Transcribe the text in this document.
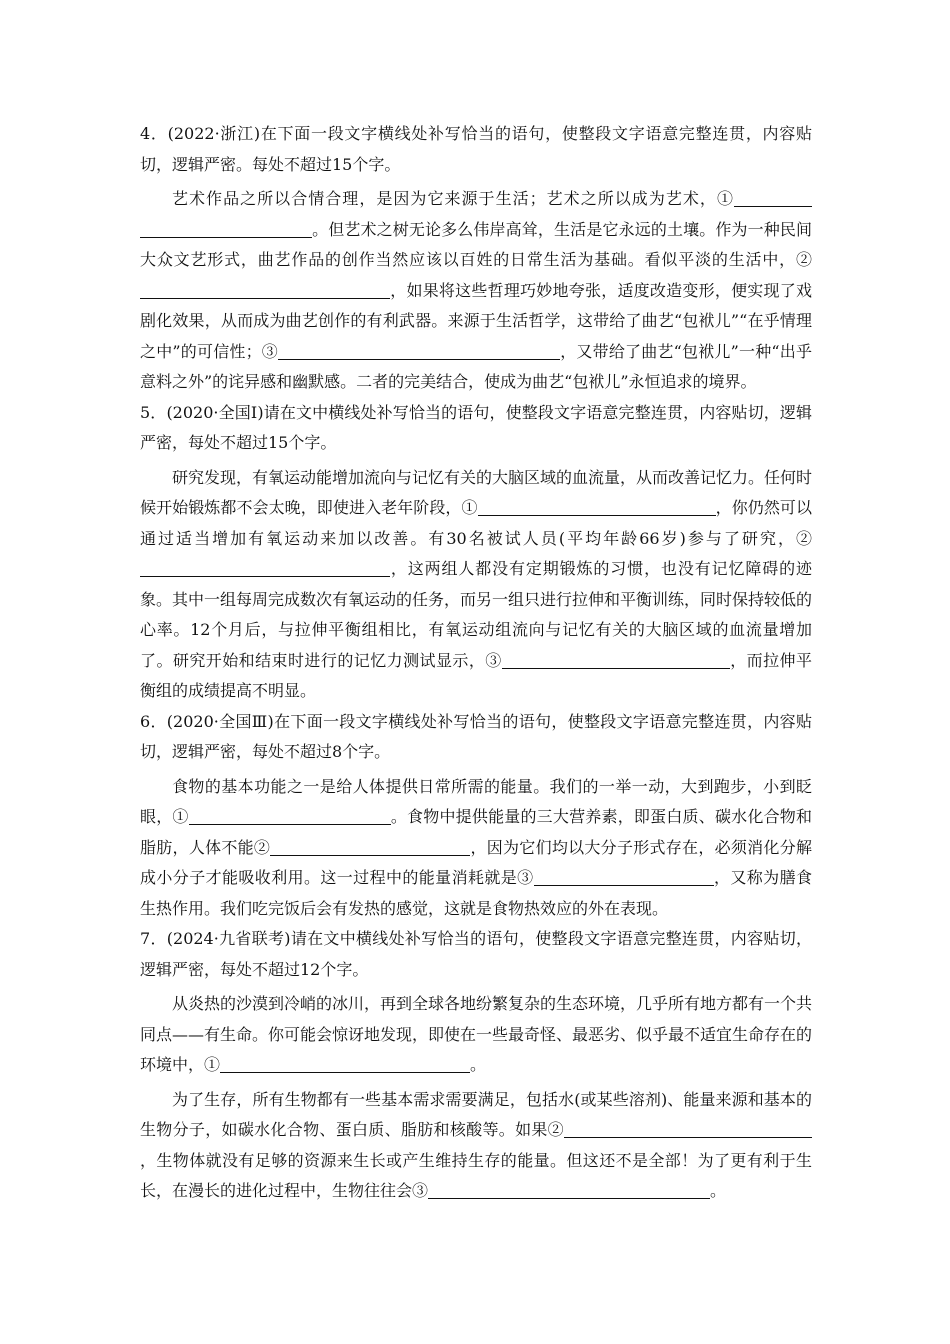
4．(2022·浙江)在下面一段文字横线处补写恰当的语句，使整段文字语意完整连贯，内容贴切，逻辑严密。每处不超过15个字。

艺术作品之所以合情合理，是因为它来源于生活；艺术之所以成为艺术，①。但艺术之树无论多么伟岸高耸，生活是它永远的土壤。作为一种民间大众文艺形式，曲艺作品的创作当然应该以百姓的日常生活为基础。看似平淡的生活中，②，如果将这些哲理巧妙地夸张，适度改造变形，便实现了戏剧化效果，从而成为曲艺创作的有利武器。来源于生活哲学，这带给了曲艺“包袱儿”“在乎情理之中”的可信性；③	，又带给了曲艺“包袱儿”一种“出乎意料之外”的诧异感和幽默感。二者的完美结合，使成为曲艺“包袱儿”永恒追求的境界。

5．(2020·全国Ⅰ)请在文中横线处补写恰当的语句，使整段文字语意完整连贯，内容贴切，逻辑严密，每处不超过15个字。

研究发现，有氧运动能增加流向与记忆有关的大脑区域的血流量，从而改善记忆力。任何时候开始锻炼都不会太晚，即使进入老年阶段，①	，你仍然可以通过适当增加有氧运动来加以改善。有30名被试人员(平均年龄66岁)参与了研究，②，这两组人都没有定期锻炼的习惯，也没有记忆障碍的迹象。其中一组每周完成数次有氧运动的任务，而另一组只进行拉伸和平衡训练，同时保持较低的心率。12个月后，与拉伸平衡组相比，有氧运动组流向与记忆有关的大脑区域的血流量增加了。研究开始和结束时进行的记忆力测试显示，③	，而拉伸平衡组的成绩提高不明显。

6．(2020·全国Ⅲ)在下面一段文字横线处补写恰当的语句，使整段文字语意完整连贯，内容贴切，逻辑严密，每处不超过8个字。

食物的基本功能之一是给人体提供日常所需的能量。我们的一举一动，大到跑步，小到眨眼，①	。食物中提供能量的三大营养素，即蛋白质、碳水化合物和脂肪，人体不能②	，因为它们均以大分子形式存在，必须消化分解成小分子才能吸收利用。这一过程中的能量消耗就是③	，又称为膳食生热作用。我们吃完饭后会有发热的感觉，这就是食物热效应的外在表现。

7．(2024·九省联考)请在文中横线处补写恰当的语句，使整段文字语意完整连贯，内容贴切，逻辑严密，每处不超过12个字。

从炎热的沙漠到冷峭的冰川，再到全球各地纷繁复杂的生态环境，几乎所有地方都有一个共同点——有生命。你可能会惊讶地发现，即使在一些最奇怪、最恶劣、似乎最不适宜生命存在的环境中，①	。

为了生存，所有生物都有一些基本需求需要满足，包括水(或某些溶剂)、能量来源和基本的生物分子，如碳水化合物、蛋白质、脂肪和核酸等。如果②，生物体就没有足够的资源来生长或产生维持生存的能量。但这还不是全部！为了更有利于生长，在漫长的进化过程中，生物往往会③	。
